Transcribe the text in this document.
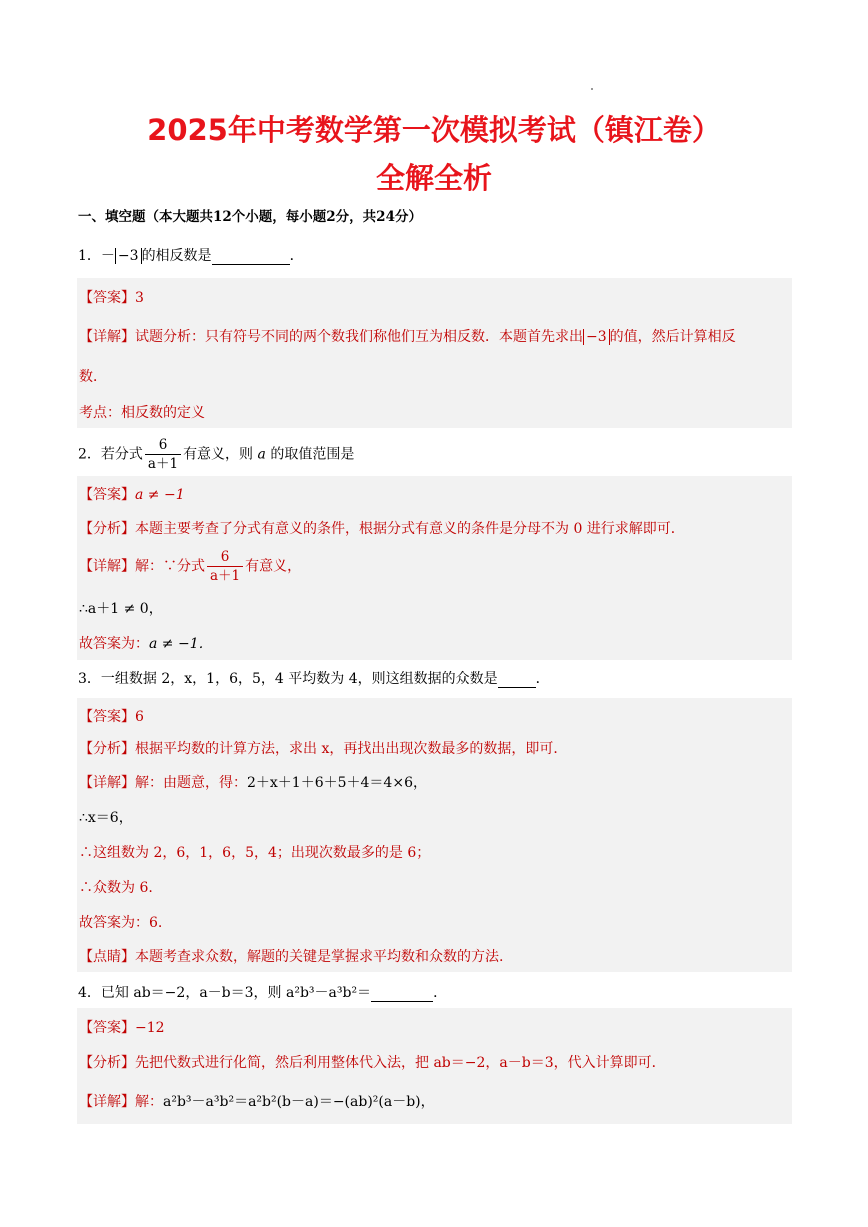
2025年中考数学第一次模拟考试（镇江卷）
全解全析
一、填空题（本大题共12个小题，每小题2分，共24分）
1．－ −3 的相反数是	．
【答案】3
【详解】试题分析：只有符号不同的两个数我们称他们互为相反数．本题首先求出 −3 的值，然后计算相反
数．
考点：相反数的定义
2．若分式 $\frac{6}{a+1}$ 有意义，则 a 的取值范围是
【答案】a ≠ −1
【分析】本题主要考查了分式有意义的条件，根据分式有意义的条件是分母不为 0 进行求解即可．
【详解】解：∵分式 $\frac{6}{a+1}$ 有意义，
∴a＋1 ≠ 0，
故答案为：a ≠ −1．
3．一组数据 2，x，1，6，5，4 平均数为 4，则这组数据的众数是	．
【答案】6
【分析】根据平均数的计算方法，求出 x，再找出出现次数最多的数据，即可．
【详解】解：由题意，得：2＋x＋1＋6＋5＋4＝4×6，
∴x＝6，
∴这组数为 2，6，1，6，5，4；出现次数最多的是 6；
∴众数为 6.
故答案为：6.
【点睛】本题考查求众数，解题的关键是掌握求平均数和众数的方法.
4．已知 ab＝−2，a－b＝3，则 a²b³－a³b²＝	．
【答案】−12
【分析】先把代数式进行化简，然后利用整体代入法，把 ab＝−2，a－b＝3，代入计算即可．
【详解】解：a²b³－a³b²＝a²b²(b－a)＝−(ab)²(a－b)，
